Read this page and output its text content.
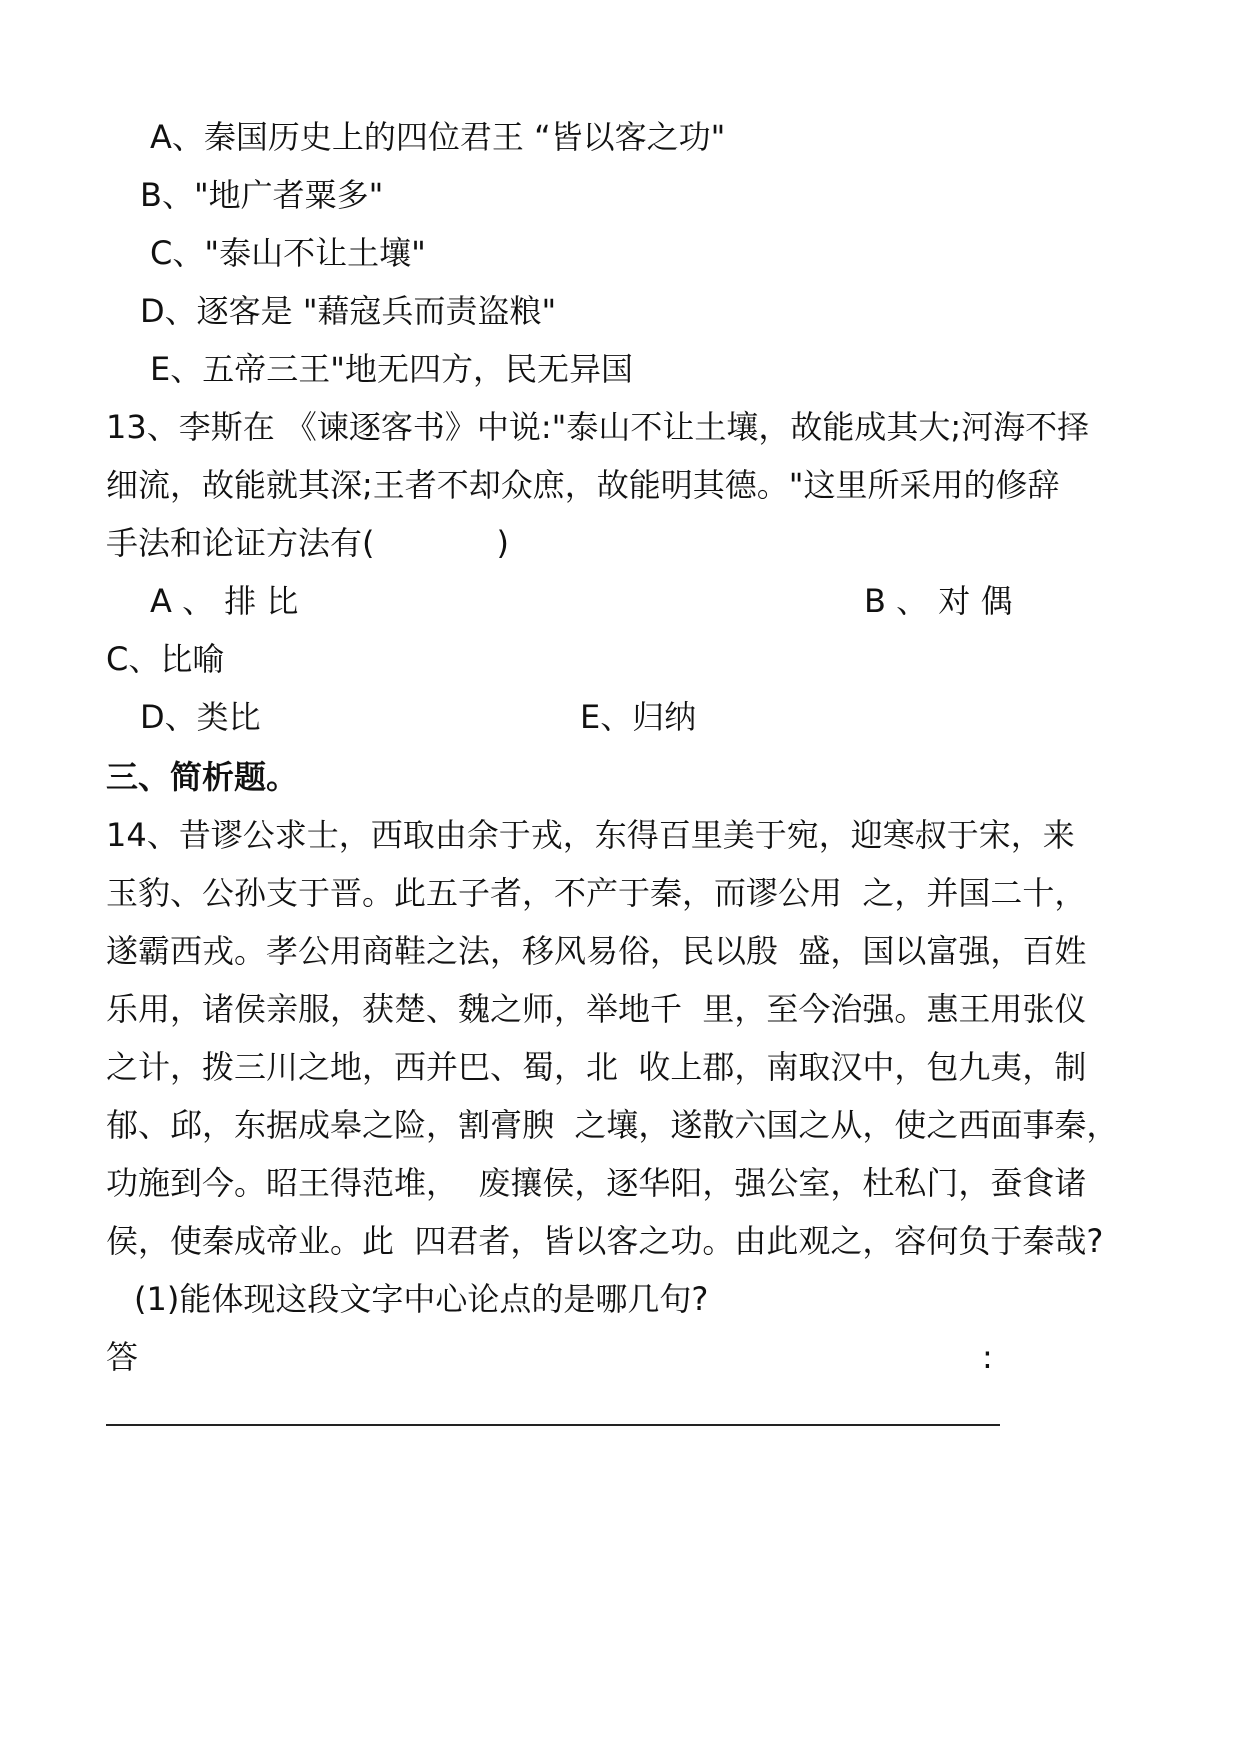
A、秦国历史上的四位君王 “皆以客之功"
B、"地广者粟多"
C、"泰山不让土壤"
D、逐客是 "藉寇兵而责盗粮"
E、五帝三王"地无四方，民无异国
13、李斯在 《谏逐客书》中说:"泰山不让土壤，故能成其大;河海不择
细流，故能就其深;王者不却众庶，故能明其德。"这里所采用的修辞
手法和论证方法有(            )
A 、 排 比	B 、 对 偶
C、比喻
D、类比	E、归纳
三、简析题。
14、昔谬公求士，西取由余于戎，东得百里美于宛，迎寒叔于宋，来
玉豹、公孙支于晋。此五子者，不产于秦，而谬公用  之，并国二十，
遂霸西戎。孝公用商鞋之法，移风易俗，民以殷  盛，国以富强，百姓
乐用，诸侯亲服，获楚、魏之师，举地千  里，至今治强。惠王用张仪
之计，拨三川之地，西并巴、蜀，北  收上郡，南取汉中，包九夷，制
郁、邱，东据成皋之险，割膏腴  之壤，遂散六国之从，使之西面事秦，
功施到今。昭王得范堆，  废攘侯，逐华阳，强公室，杜私门，蚕食诸
侯，使秦成帝业。此  四君者，皆以客之功。由此观之，容何负于秦哉?
(1)能体现这段文字中心论点的是哪几句?
答	:
